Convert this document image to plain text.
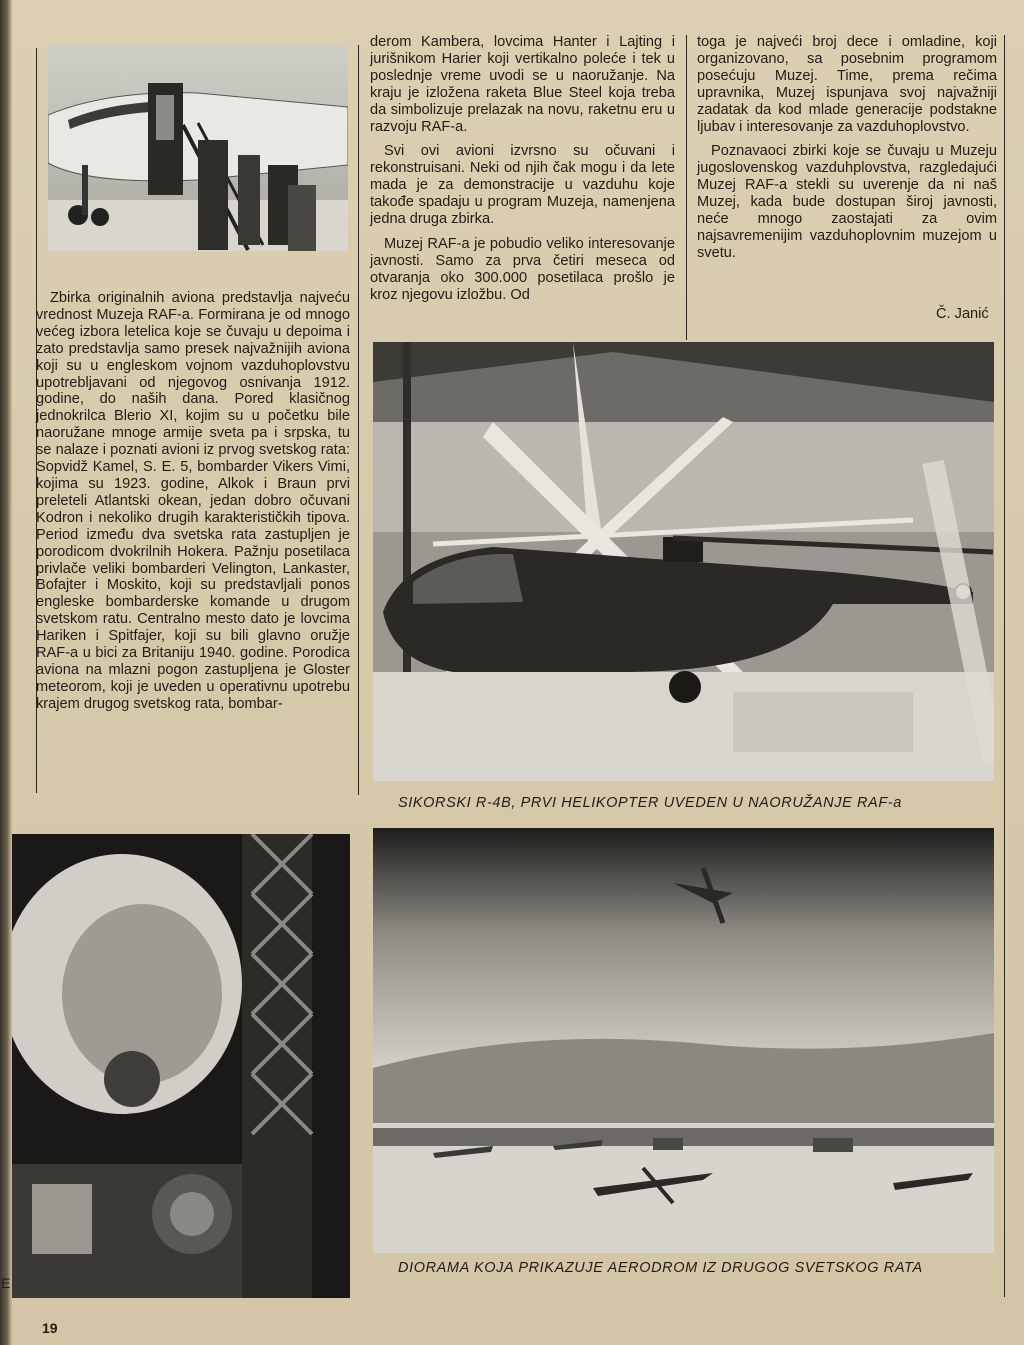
Zbirka originalnih aviona predstavlja najveću vrednost Muzeja RAF-a. Formirana je od mnogo većeg izbora letelica koje se čuvaju u depoima i zato predstavlja samo presek najvažnijih aviona koji su u engleskom vojnom vazduhoplovstvu upotrebljavani od njegovog osnivanja 1912. godine, do naših dana. Pored klasičnog jednokrilca Blerio XI, kojim su u početku bile naoružane mnoge armije sveta pa i srpska, tu se nalaze i poznati avioni iz prvog svetskog rata: Sopvidž Kamel, S. E. 5, bombarder Vikers Vimi, kojima su 1923. godine, Alkok i Braun prvi preleteli Atlantski okean, jedan dobro očuvani Kodron i nekoliko drugih karakterističkih tipova. Period između dva svetska rata zastupljen je porodicom dvokrilnih Hokera. Pažnju posetilaca privlače veliki bombarderi Velington, Lankaster, Bofajter i Moskito, koji su predstavljali ponos engleske bombarderske komande u drugom svetskom ratu. Centralno mesto dato je lovcima Hariken i Spitfajer, koji su bili glavno oružje RAF-a u bici za Britaniju 1940. godine. Porodica aviona na mlazni pogon zastupljena je Gloster meteorom, koji je uveden u operativnu upotrebu krajem drugog svetskog rata, bombar-

derom Kambera, lovcima Hanter i Lajting i jurišnikom Harier koji vertikalno poleće i tek u poslednje vreme uvodi se u naoružanje. Na kraju je izložena raketa Blue Steel koja treba da simbolizuje prelazak na novu, raketnu eru u razvoju RAF-a.

Svi ovi avioni izvrsno su očuvani i rekonstruisani. Neki od njih čak mogu i da lete mada je za demonstracije u vazduhu koje takođe spadaju u program Muzeja, namenjena jedna druga zbirka.

Muzej RAF-a je pobudio veliko interesovanje javnosti. Samo za prva četiri meseca od otvaranja oko 300.000 posetilaca prošlo je kroz njegovu izložbu. Od

toga je najveći broj dece i omladine, koji organizovano, sa posebnim programom posećuju Muzej. Time, prema rečima upravnika, Muzej ispunjava svoj najvažniji zadatak da kod mlade generacije podstakne ljubav i interesovanje za vazduhoplovstvo.

Poznavaoci zbirki koje se čuvaju u Muzeju jugoslovenskog vazduhplovstva, razgledajući Muzej RAF-a stekli su uverenje da ni naš Muzej, kada bude dostupan široj javnosti, neće mnogo zaostajati za ovim najsavremenijim vazduhoplovnim muzejom u svetu.

Č. Janić
SIKORSKI R-4B, PRVI HELIKOPTER UVEDEN U NAORUŽANJE RAF-a
DIORAMA KOJA PRIKAZUJE AERODROM IZ DRUGOG SVETSKOG RATA
19
E
